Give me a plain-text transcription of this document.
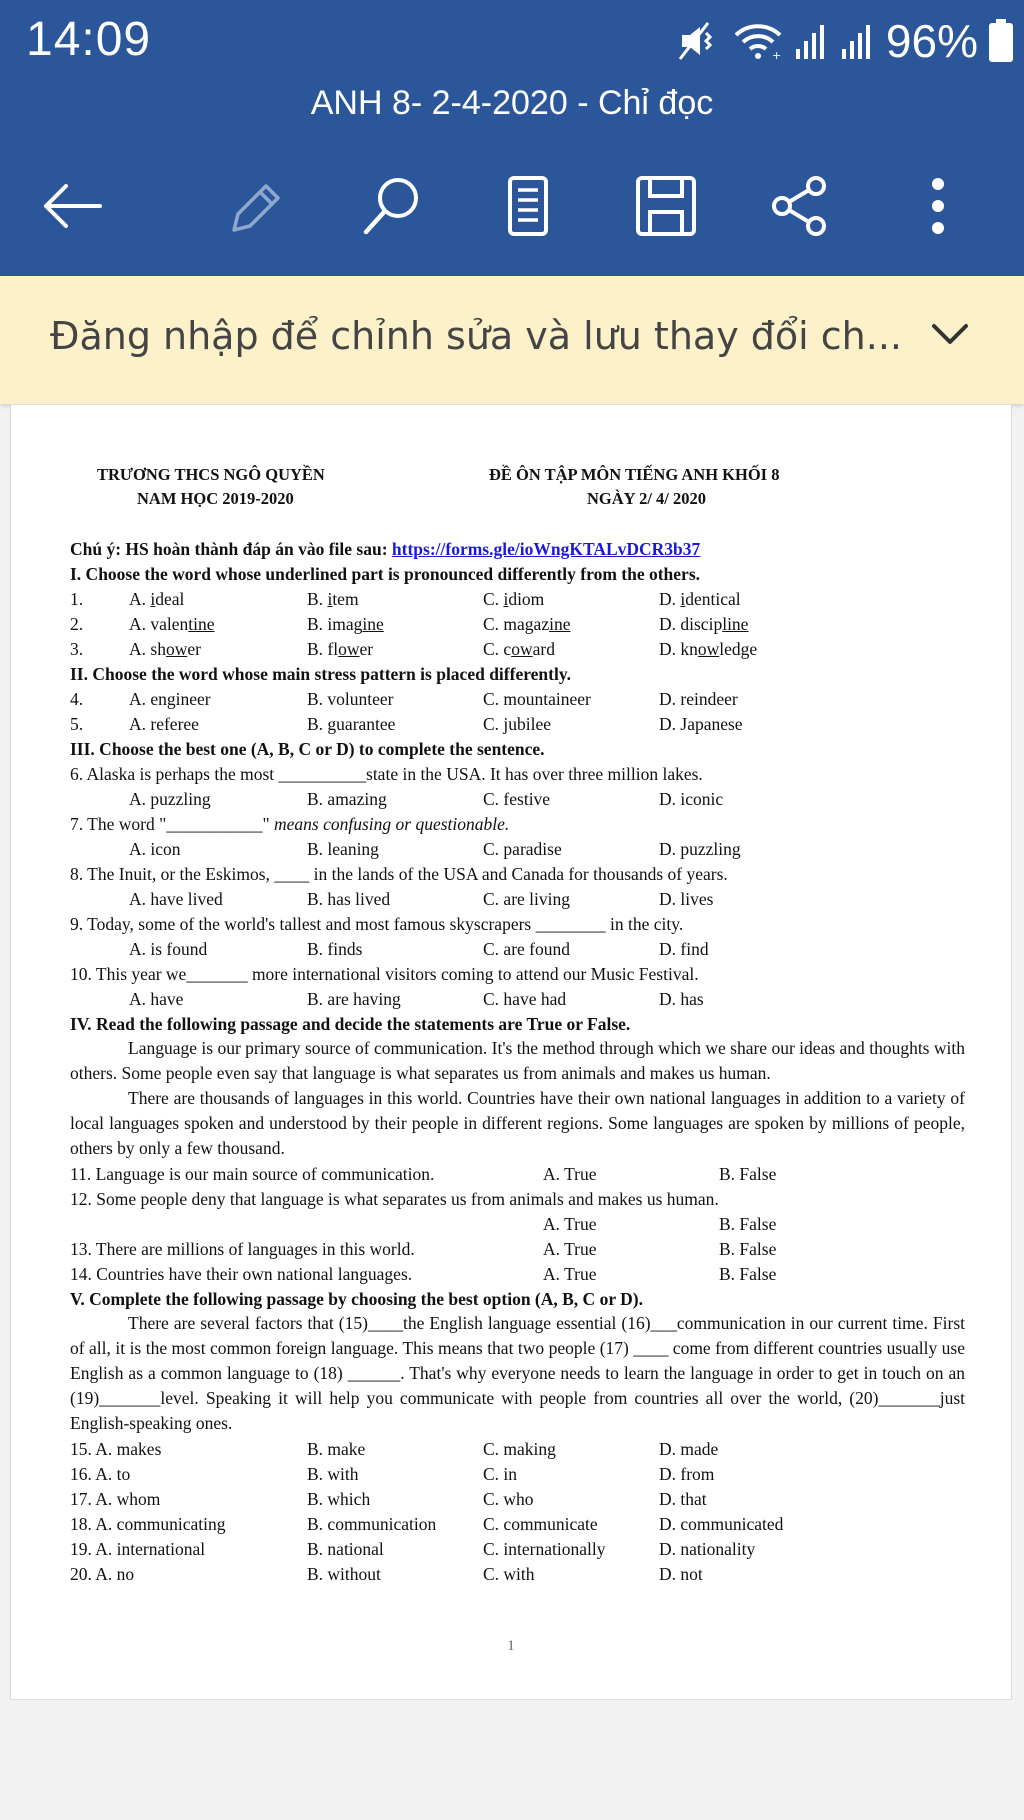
14:09	+ 96%
ANH 8- 2-4-2020 - Chỉ đọc
Đăng nhập để chỉnh sửa và lưu thay đổi ch...
TRƯƠNG THCS NGÔ QUYỀN
NAM HỌC 2019-2020
ĐỀ ÔN TẬP MÔN TIẾNG ANH KHỐI 8
NGÀY 2/ 4/ 2020
Chú ý: HS hoàn thành đáp án vào file sau: https://forms.gle/ioWngKTALvDCR3b37
I. Choose the word whose underlined part is pronounced differently from the others.
1.	A. ideal	B. item	C. idiom	D. identical
2.	A. valentine	B. imagine	C. magazine	D. discipline
3.	A. shower	B. flower	C. coward	D. knowledge
II. Choose the word whose main stress pattern is placed differently.
4.	A. engineer	B. volunteer	C. mountaineer	D. reindeer
5.	A. referee	B. guarantee	C. jubilee	D. Japanese
III. Choose the best one (A, B, C or D) to complete the sentence.
6. Alaska is perhaps the most __________state in the USA. It has over three million lakes.
A. puzzling	B. amazing	C. festive	D. iconic
7. The word "___________" means confusing or questionable.
A. icon	B. leaning	C. paradise	D. puzzling
8. The Inuit, or the Eskimos, ____ in the lands of the USA and Canada for thousands of years.
A. have lived	B. has lived	C. are living	D. lives
9. Today, some of the world's tallest and most famous skyscrapers ________ in the city.
A. is found	B. finds	C. are found	D. find
10. This year we_______ more international visitors coming to attend our Music Festival.
A. have	B. are having	C. have had	D. has
IV. Read the following passage and decide the statements are True or False.
Language is our primary source of communication. It's the method through which we share our ideas and thoughts with others. Some people even say that language is what separates us from animals and makes us human.
There are thousands of languages in this world. Countries have their own national languages in addition to a variety of local languages spoken and understood by their people in different regions. Some languages are spoken by millions of people, others by only a few thousand.
11. Language is our main source of communication.	A. True	B. False
12. Some people deny that language is what separates us from animals and makes us human.
A. True	B. False
13. There are millions of languages in this world.	A. True	B. False
14. Countries have their own national languages.	A. True	B. False
V. Complete the following passage by choosing the best option (A, B, C or D).
There are several factors that (15)____the English language essential (16)___communication in our current time. First of all, it is the most common foreign language. This means that two people (17) ____ come from different countries usually use English as a common language to (18) ______. That's why everyone needs to learn the language in order to get in touch on an (19)_______level. Speaking it will help you communicate with people from countries all over the world, (20)_______just English-speaking ones.
15. A. makes	B. make	C. making	D. made
16. A. to	B. with	C. in	D. from
17. A. whom	B. which	C. who	D. that
18. A. communicating	B. communication	C. communicate	D. communicated
19. A. international	B. national	C. internationally	D. nationality
20. A. no	B. without	C. with	D. not
1
